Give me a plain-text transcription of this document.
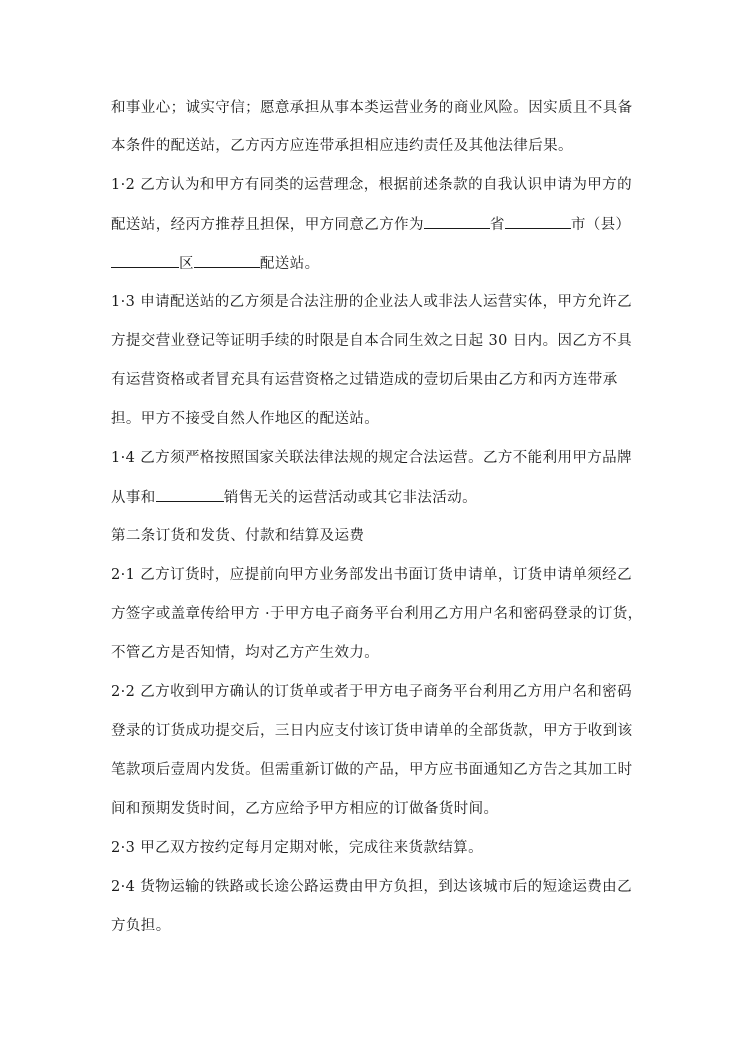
和事业心；诚实守信；愿意承担从事本类运营业务的商业风险。因实质且不具备
本条件的配送站，乙方丙方应连带承担相应违约责任及其他法律后果。
1·2 乙方认为和甲方有同类的运营理念，根据前述条款的自我认识申请为甲方的
配送站，经丙方推荐且担保，甲方同意乙方作为	省	市（县）
区	配送站。
1·3 申请配送站的乙方须是合法注册的企业法人或非法人运营实体，甲方允许乙
方提交营业登记等证明手续的时限是自本合同生效之日起 30 日内。因乙方不具
有运营资格或者冒充具有运营资格之过错造成的壹切后果由乙方和丙方连带承
担。甲方不接受自然人作地区的配送站。
1·4 乙方须严格按照国家关联法律法规的规定合法运营。乙方不能利用甲方品牌
从事和	销售无关的运营活动或其它非法活动。
第二条订货和发货、付款和结算及运费
2·1 乙方订货时，应提前向甲方业务部发出书面订货申请单，订货申请单须经乙
方签字或盖章传给甲方 ·于甲方电子商务平台利用乙方用户名和密码登录的订货，
不管乙方是否知情，均对乙方产生效力。
2·2 乙方收到甲方确认的订货单或者于甲方电子商务平台利用乙方用户名和密码
登录的订货成功提交后，三日内应支付该订货申请单的全部货款，甲方于收到该
笔款项后壹周内发货。但需重新订做的产品，甲方应书面通知乙方告之其加工时
间和预期发货时间，乙方应给予甲方相应的订做备货时间。
2·3 甲乙双方按约定每月定期对帐，完成往来货款结算。
2·4 货物运输的铁路或长途公路运费由甲方负担，到达该城市后的短途运费由乙
方负担。
